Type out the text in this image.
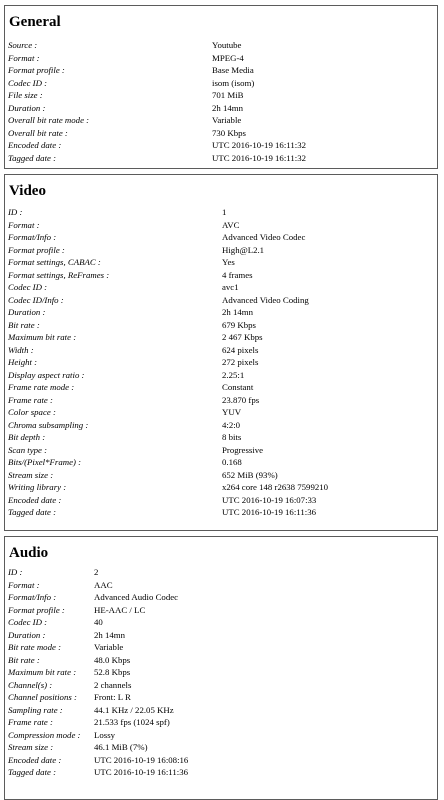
General
Source :	Youtube
Format :	MPEG-4
Format profile :	Base Media
Codec ID :	isom (isom)
File size :	701 MiB
Duration :	2h 14mn
Overall bit rate mode :	Variable
Overall bit rate :	730 Kbps
Encoded date :	UTC 2016-10-19 16:11:32
Tagged date :	UTC 2016-10-19 16:11:32
Video
ID :	1
Format :	AVC
Format/Info :	Advanced Video Codec
Format profile :	High@L2.1
Format settings, CABAC :	Yes
Format settings, ReFrames :	4 frames
Codec ID :	avc1
Codec ID/Info :	Advanced Video Coding
Duration :	2h 14mn
Bit rate :	679 Kbps
Maximum bit rate :	2 467 Kbps
Width :	624 pixels
Height :	272 pixels
Display aspect ratio :	2.25:1
Frame rate mode :	Constant
Frame rate :	23.870 fps
Color space :	YUV
Chroma subsampling :	4:2:0
Bit depth :	8 bits
Scan type :	Progressive
Bits/(Pixel*Frame) :	0.168
Stream size :	652 MiB (93%)
Writing library :	x264 core 148 r2638 7599210
Encoded date :	UTC 2016-10-19 16:07:33
Tagged date :	UTC 2016-10-19 16:11:36
Audio
ID :	2
Format :	AAC
Format/Info :	Advanced Audio Codec
Format profile :	HE-AAC / LC
Codec ID :	40
Duration :	2h 14mn
Bit rate mode :	Variable
Bit rate :	48.0 Kbps
Maximum bit rate : 52.8 Kbps
Channel(s) :	2 channels
Channel positions : Front: L R
Sampling rate :	44.1 KHz / 22.05 KHz
Frame rate :	21.533 fps (1024 spf)
Compression mode : Lossy
Stream size :	46.1 MiB (7%)
Encoded date :	UTC 2016-10-19 16:08:16
Tagged date :	UTC 2016-10-19 16:11:36
